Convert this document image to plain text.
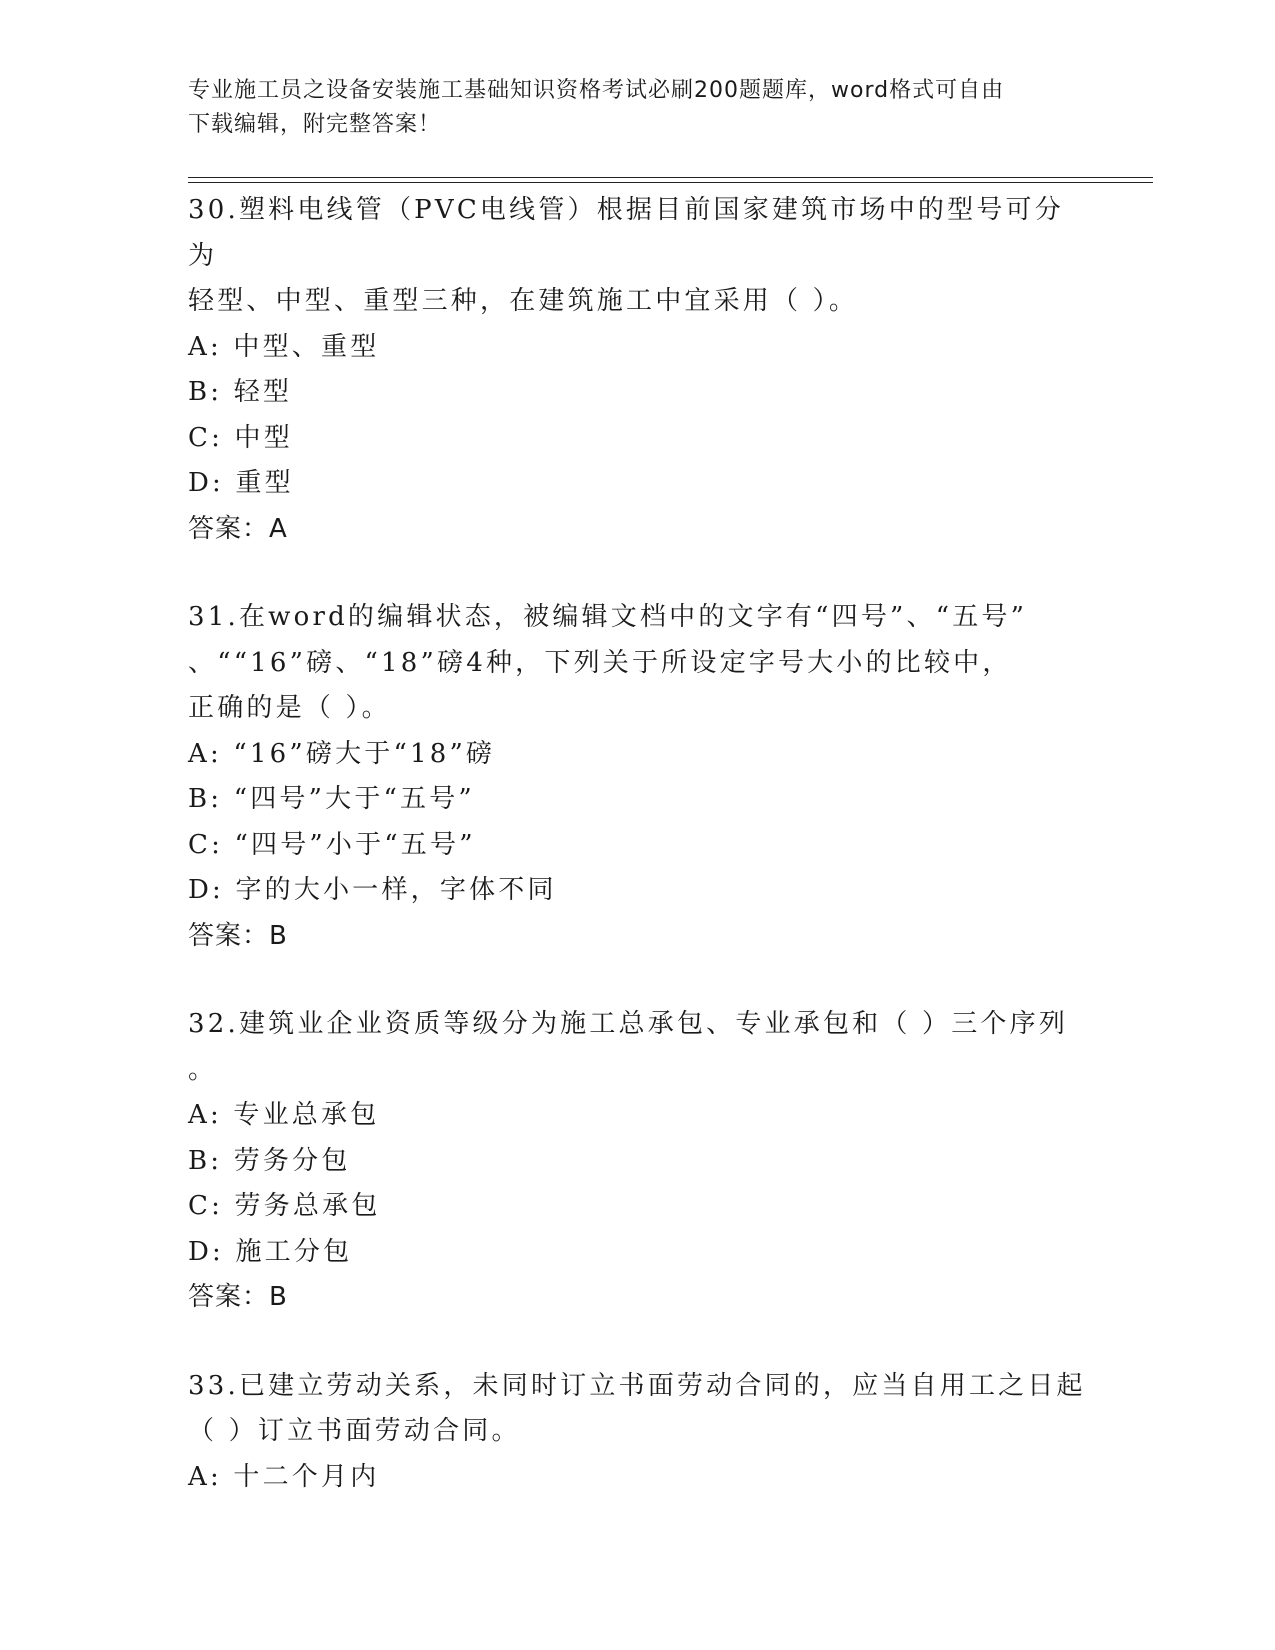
专业施工员之设备安装施工基础知识资格考试必刷200题题库，word格式可自由
下载编辑，附完整答案！

30.塑料电线管（PVC电线管）根据目前国家建筑市场中的型号可分为

轻型、中型、重型三种，在建筑施工中宜采用（ ）。

A: 中型、重型

B: 轻型

C: 中型

D: 重型

答案：A

31.在word的编辑状态，被编辑文档中的文字有“四号”、“五号”

、““16”磅、“18”磅4种，下列关于所设定字号大小的比较中，

正确的是（ ）。

A: “16”磅大于“18”磅

B: “四号”大于“五号”

C: “四号”小于“五号”

D: 字的大小一样，字体不同

答案：B

32.建筑业企业资质等级分为施工总承包、专业承包和（ ）三个序列

。

A: 专业总承包

B: 劳务分包

C: 劳务总承包

D: 施工分包

答案：B

33.已建立劳动关系，未同时订立书面劳动合同的，应当自用工之日起

（ ）订立书面劳动合同。

A: 十二个月内
